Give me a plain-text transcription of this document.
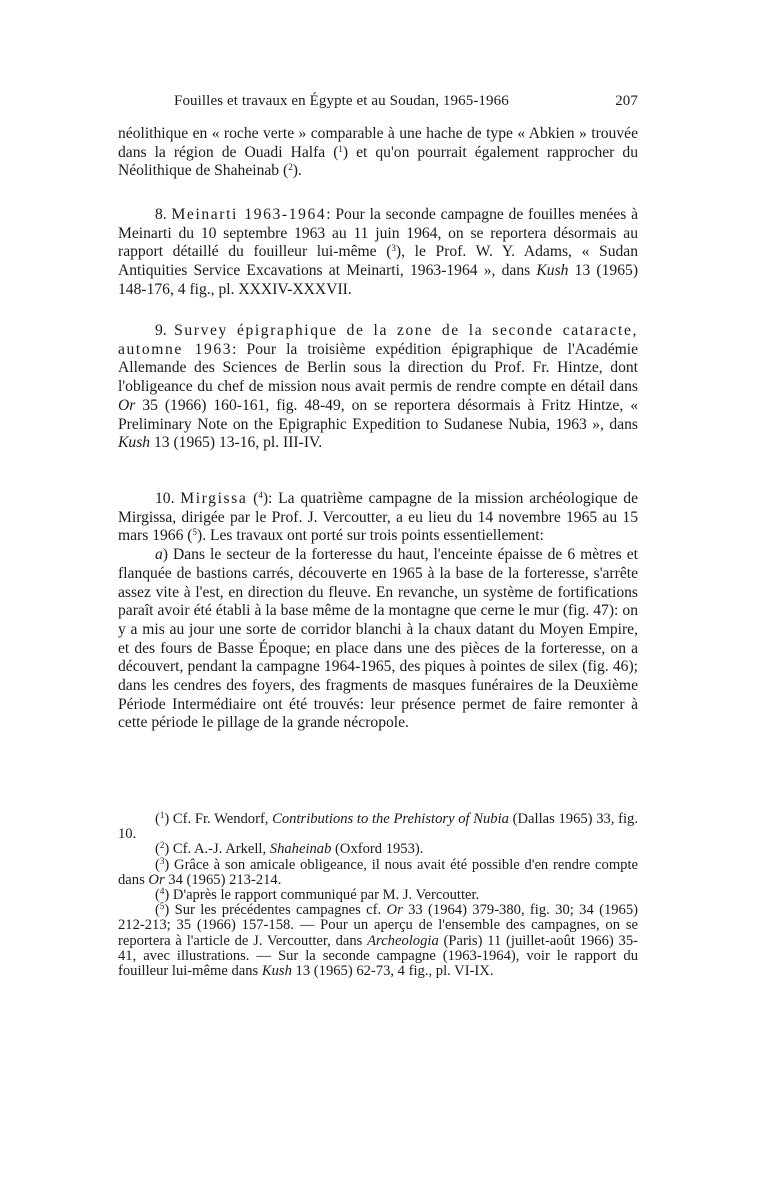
Fouilles et travaux en Égypte et au Soudan, 1965-1966	207

néolithique en « roche verte » comparable à une hache de type « Abkien » trouvée dans la région de Ouadi Halfa ($^1$) et qu'on pourrait également rapprocher du Néolithique de Shaheinab ($^2$).

8. Meinarti 1963-1964: Pour la seconde campagne de fouilles menées à Meinarti du 10 septembre 1963 au 11 juin 1964, on se reportera désormais au rapport détaillé du fouilleur lui-même ($^3$), le Prof. W. Y. Adams, « Sudan Antiquities Service Excavations at Meinarti, 1963-1964 », dans Kush 13 (1965) 148-176, 4 fig., pl. XXXIV-XXXVII.

9. Survey épigraphique de la zone de la seconde cataracte, automne 1963: Pour la troisième expédition épigraphique de l'Académie Allemande des Sciences de Berlin sous la direction du Prof. Fr. Hintze, dont l'obligeance du chef de mission nous avait permis de rendre compte en détail dans Or 35 (1966) 160-161, fig. 48-49, on se reportera désormais à Fritz Hintze, « Preliminary Note on the Epigraphic Expedition to Sudanese Nubia, 1963 », dans Kush 13 (1965) 13-16, pl. III-IV.

10. Mirgissa ($^4$): La quatrième campagne de la mission archéologique de Mirgissa, dirigée par le Prof. J. Vercoutter, a eu lieu du 14 novembre 1965 au 15 mars 1966 ($^5$). Les travaux ont porté sur trois points essentiellement:

a) Dans le secteur de la forteresse du haut, l'enceinte épaisse de 6 mètres et flanquée de bastions carrés, découverte en 1965 à la base de la forteresse, s'arrête assez vite à l'est, en direction du fleuve. En revanche, un système de fortifications paraît avoir été établi à la base même de la montagne que cerne le mur (fig. 47): on y a mis au jour une sorte de corridor blanchi à la chaux datant du Moyen Empire, et des fours de Basse Époque; en place dans une des pièces de la forteresse, on a découvert, pendant la campagne 1964-1965, des piques à pointes de silex (fig. 46); dans les cendres des foyers, des fragments de masques funéraires de la Deuxième Période Intermédiaire ont été trouvés: leur présence permet de faire remonter à cette période le pillage de la grande nécropole.

($^1$) Cf. Fr. Wendorf, Contributions to the Prehistory of Nubia (Dallas 1965) 33, fig. 10.

($^2$) Cf. A.-J. Arkell, Shaheinab (Oxford 1953).

($^3$) Grâce à son amicale obligeance, il nous avait été possible d'en rendre compte dans Or 34 (1965) 213-214.

($^4$) D'après le rapport communiqué par M. J. Vercoutter.

($^5$) Sur les précédentes campagnes cf. Or 33 (1964) 379-380, fig. 30; 34 (1965) 212-213; 35 (1966) 157-158. — Pour un aperçu de l'ensemble des campagnes, on se reportera à l'article de J. Vercoutter, dans Archeologia (Paris) 11 (juillet-août 1966) 35-41, avec illustrations. — Sur la seconde campagne (1963-1964), voir le rapport du fouilleur lui-même dans Kush 13 (1965) 62-73, 4 fig., pl. VI-IX.
